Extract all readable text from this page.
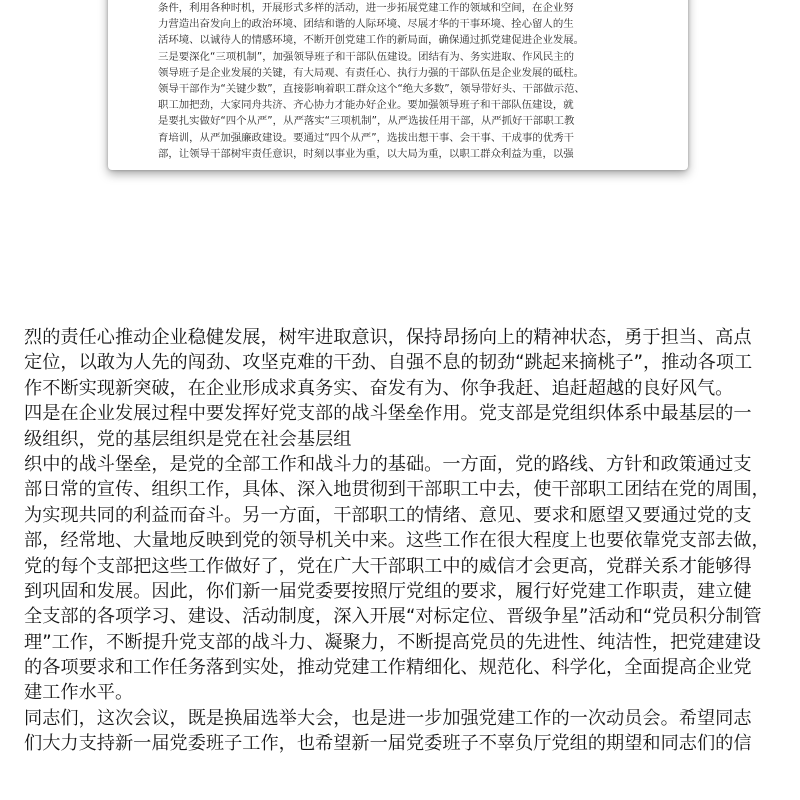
条件，利用各种时机，开展形式多样的活动，进一步拓展党建工作的领域和空间，在企业努
力营造出奋发向上的政治环境、团结和谐的人际环境、尽展才华的干事环境、拴心留人的生
活环境、以诚待人的情感环境，不断开创党建工作的新局面，确保通过抓党建促进企业发展。
三是要深化“三项机制”，加强领导班子和干部队伍建设。团结有为、务实进取、作风民主的
领导班子是企业发展的关键，有大局观、有责任心、执行力强的干部队伍是企业发展的砥柱。
领导干部作为“关键少数”，直接影响着职工群众这个“绝大多数”，领导带好头、干部做示范、
职工加把劲，大家同舟共济、齐心协力才能办好企业。要加强领导班子和干部队伍建设，就
是要扎实做好“四个从严”，从严落实“三项机制”，从严选拔任用干部，从严抓好干部职工教
育培训，从严加强廉政建设。要通过“四个从严”，选拔出想干事、会干事、干成事的优秀干
部，让领导干部树牢责任意识，时刻以事业为重，以大局为重，以职工群众利益为重，以强
烈的责任心推动企业稳健发展，树牢进取意识，保持昂扬向上的精神状态，勇于担当、高点
定位，以敢为人先的闯劲、攻坚克难的干劲、自强不息的韧劲“跳起来摘桃子”，推动各项工
作不断实现新突破，在企业形成求真务实、奋发有为、你争我赶、追赶超越的良好风气。
四是在企业发展过程中要发挥好党支部的战斗堡垒作用。党支部是党组织体系中最基层的一
级组织，党的基层组织是党在社会基层组
织中的战斗堡垒，是党的全部工作和战斗力的基础。一方面，党的路线、方针和政策通过支
部日常的宣传、组织工作，具体、深入地贯彻到干部职工中去，使干部职工团结在党的周围，
为实现共同的利益而奋斗。另一方面，干部职工的情绪、意见、要求和愿望又要通过党的支
部，经常地、大量地反映到党的领导机关中来。这些工作在很大程度上也要依靠党支部去做，
党的每个支部把这些工作做好了，党在广大干部职工中的威信才会更高，党群关系才能够得
到巩固和发展。因此，你们新一届党委要按照厅党组的要求，履行好党建工作职责，建立健
全支部的各项学习、建设、活动制度，深入开展“对标定位、晋级争星”活动和“党员积分制管
理”工作，不断提升党支部的战斗力、凝聚力，不断提高党员的先进性、纯洁性，把党建建设
的各项要求和工作任务落到实处，推动党建工作精细化、规范化、科学化，全面提高企业党
建工作水平。
同志们，这次会议，既是换届选举大会，也是进一步加强党建工作的一次动员会。希望同志
们大力支持新一届党委班子工作，也希望新一届党委班子不辜负厅党组的期望和同志们的信
